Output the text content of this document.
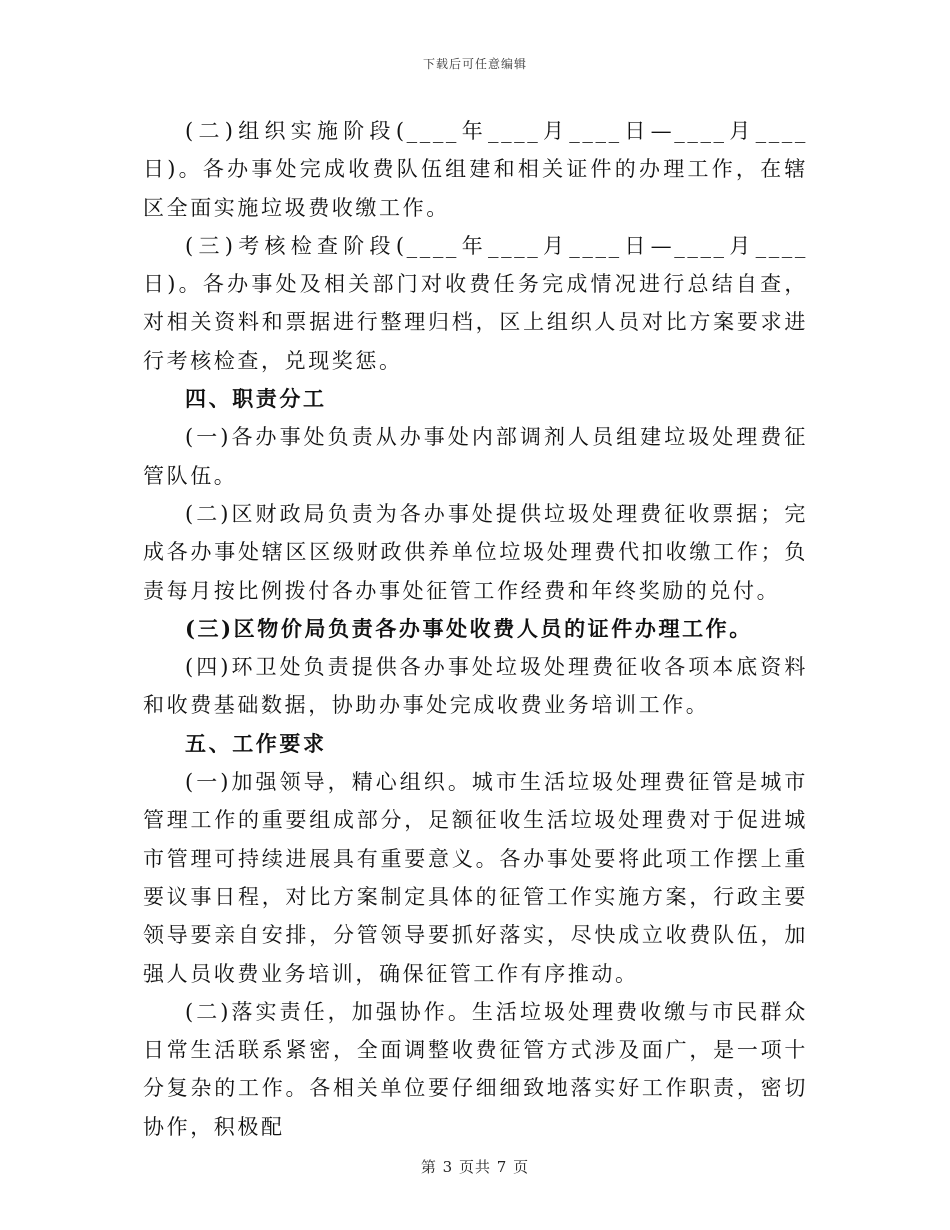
下载后可任意编辑

(二)组织实施阶段(____年____月____日—____月____日)。各办事处完成收费队伍组建和相关证件的办理工作，在辖区全面实施垃圾费收缴工作。

(三)考核检查阶段(____年____月____日—____月____日)。各办事处及相关部门对收费任务完成情况进行总结自查，对相关资料和票据进行整理归档，区上组织人员对比方案要求进行考核检查，兑现奖惩。

四、职责分工

(一)各办事处负责从办事处内部调剂人员组建垃圾处理费征管队伍。

(二)区财政局负责为各办事处提供垃圾处理费征收票据；完成各办事处辖区区级财政供养单位垃圾处理费代扣收缴工作；负责每月按比例拨付各办事处征管工作经费和年终奖励的兑付。

(三)区物价局负责各办事处收费人员的证件办理工作。

(四)环卫处负责提供各办事处垃圾处理费征收各项本底资料和收费基础数据，协助办事处完成收费业务培训工作。

五、工作要求

(一)加强领导，精心组织。城市生活垃圾处理费征管是城市管理工作的重要组成部分，足额征收生活垃圾处理费对于促进城市管理可持续进展具有重要意义。各办事处要将此项工作摆上重要议事日程，对比方案制定具体的征管工作实施方案，行政主要领导要亲自安排，分管领导要抓好落实，尽快成立收费队伍，加强人员收费业务培训，确保征管工作有序推动。

(二)落实责任，加强协作。生活垃圾处理费收缴与市民群众日常生活联系紧密，全面调整收费征管方式涉及面广，是一项十分复杂的工作。各相关单位要仔细细致地落实好工作职责，密切协作，积极配

第 3 页共 7 页
